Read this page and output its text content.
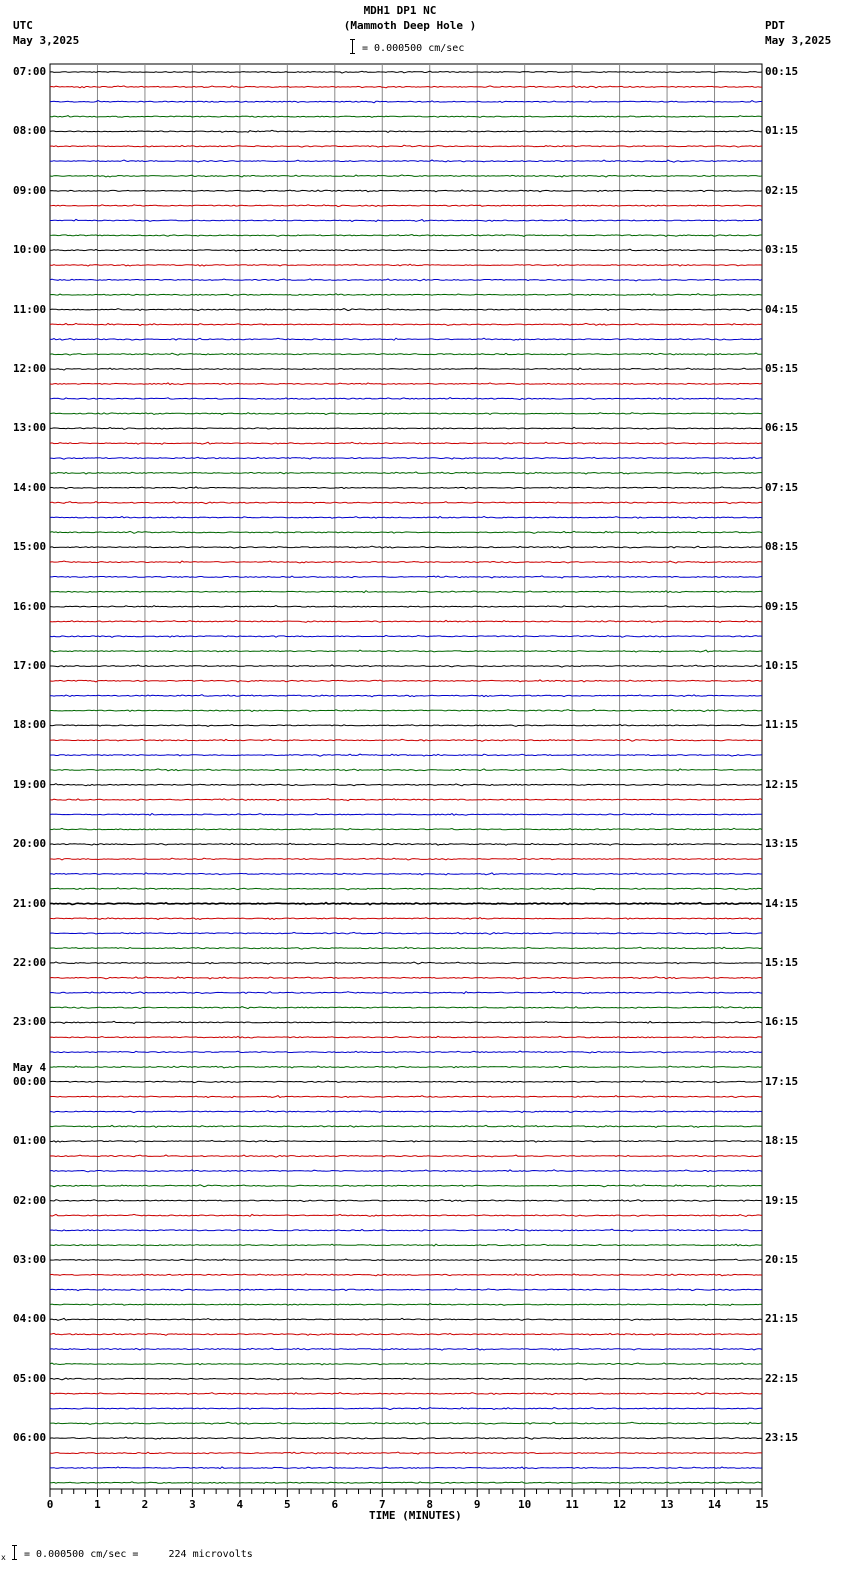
MDH1 DP1 NC
(Mammoth Deep Hole )
= 0.000500 cm/sec
UTC
May 3,2025
PDT
May 3,2025
0	1	2	3	4	5	6	7	8	9	10	11	12	13	14	15
07:00
08:00
09:00
10:00
11:00
12:00
13:00
14:00
15:00
16:00
17:00
18:00
19:00
20:00
21:00
22:00
23:00
May 4
00:00
01:00
02:00
03:00
04:00
05:00
06:00
00:15
01:15
02:15
03:15
04:15
05:15
06:15
07:15
08:15
09:15
10:15
11:15
12:15
13:15
14:15
15:15
16:15
17:15
18:15
19:15
20:15
21:15
22:15
23:15
TIME (MINUTES)
x = 0.000500 cm/sec =     224 microvolts
